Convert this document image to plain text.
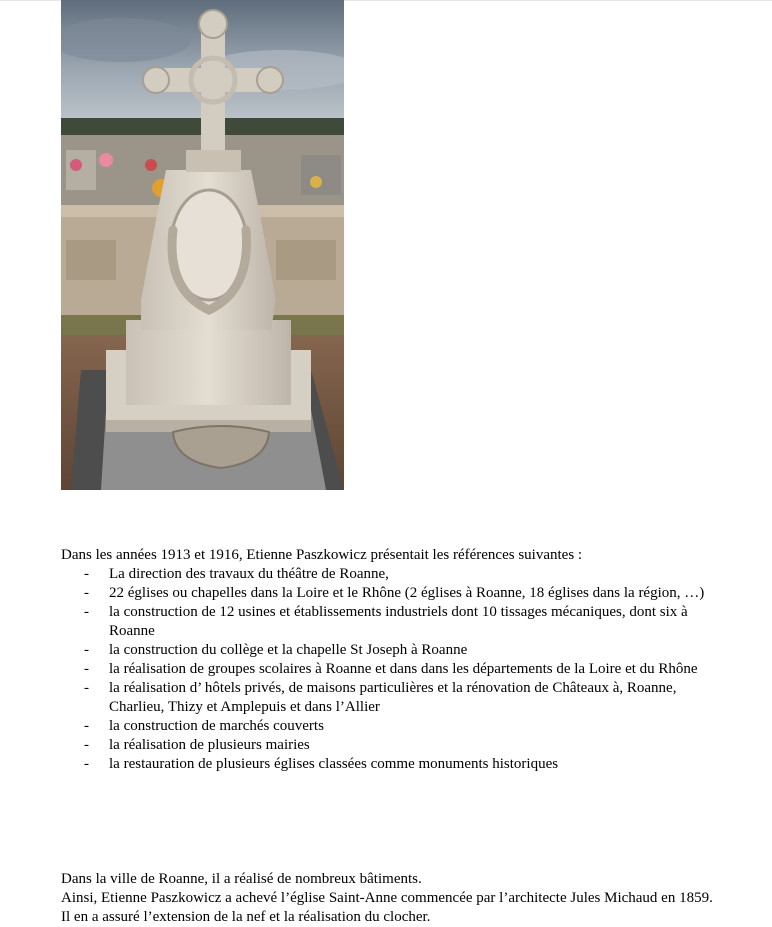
Dans les années 1913 et 1916, Etienne Paszkowicz présentait les références suivantes :
- La direction des travaux du théâtre de Roanne,
- 22 églises ou chapelles dans la Loire et le Rhône (2 églises à Roanne, 18 églises dans la région, …)
- la construction de 12 usines et établissements industriels dont 10 tissages mécaniques, dont six à Roanne
- la construction du collège et la chapelle St Joseph à Roanne
- la réalisation de groupes scolaires à Roanne et dans dans les départements de la Loire et du Rhône
- la réalisation d’ hôtels privés, de maisons particulières et la rénovation de Châteaux à, Roanne, Charlieu, Thizy et Amplepuis et dans l’Allier
- la construction de marchés couverts
- la réalisation de plusieurs mairies
- la restauration de plusieurs églises classées comme monuments historiques
Dans la ville de Roanne, il a réalisé de nombreux bâtiments.
Ainsi, Etienne Paszkowicz a achevé l’église Saint-Anne commencée par l’architecte Jules Michaud en 1859. Il en a assuré l’extension de la nef et la réalisation du clocher.
